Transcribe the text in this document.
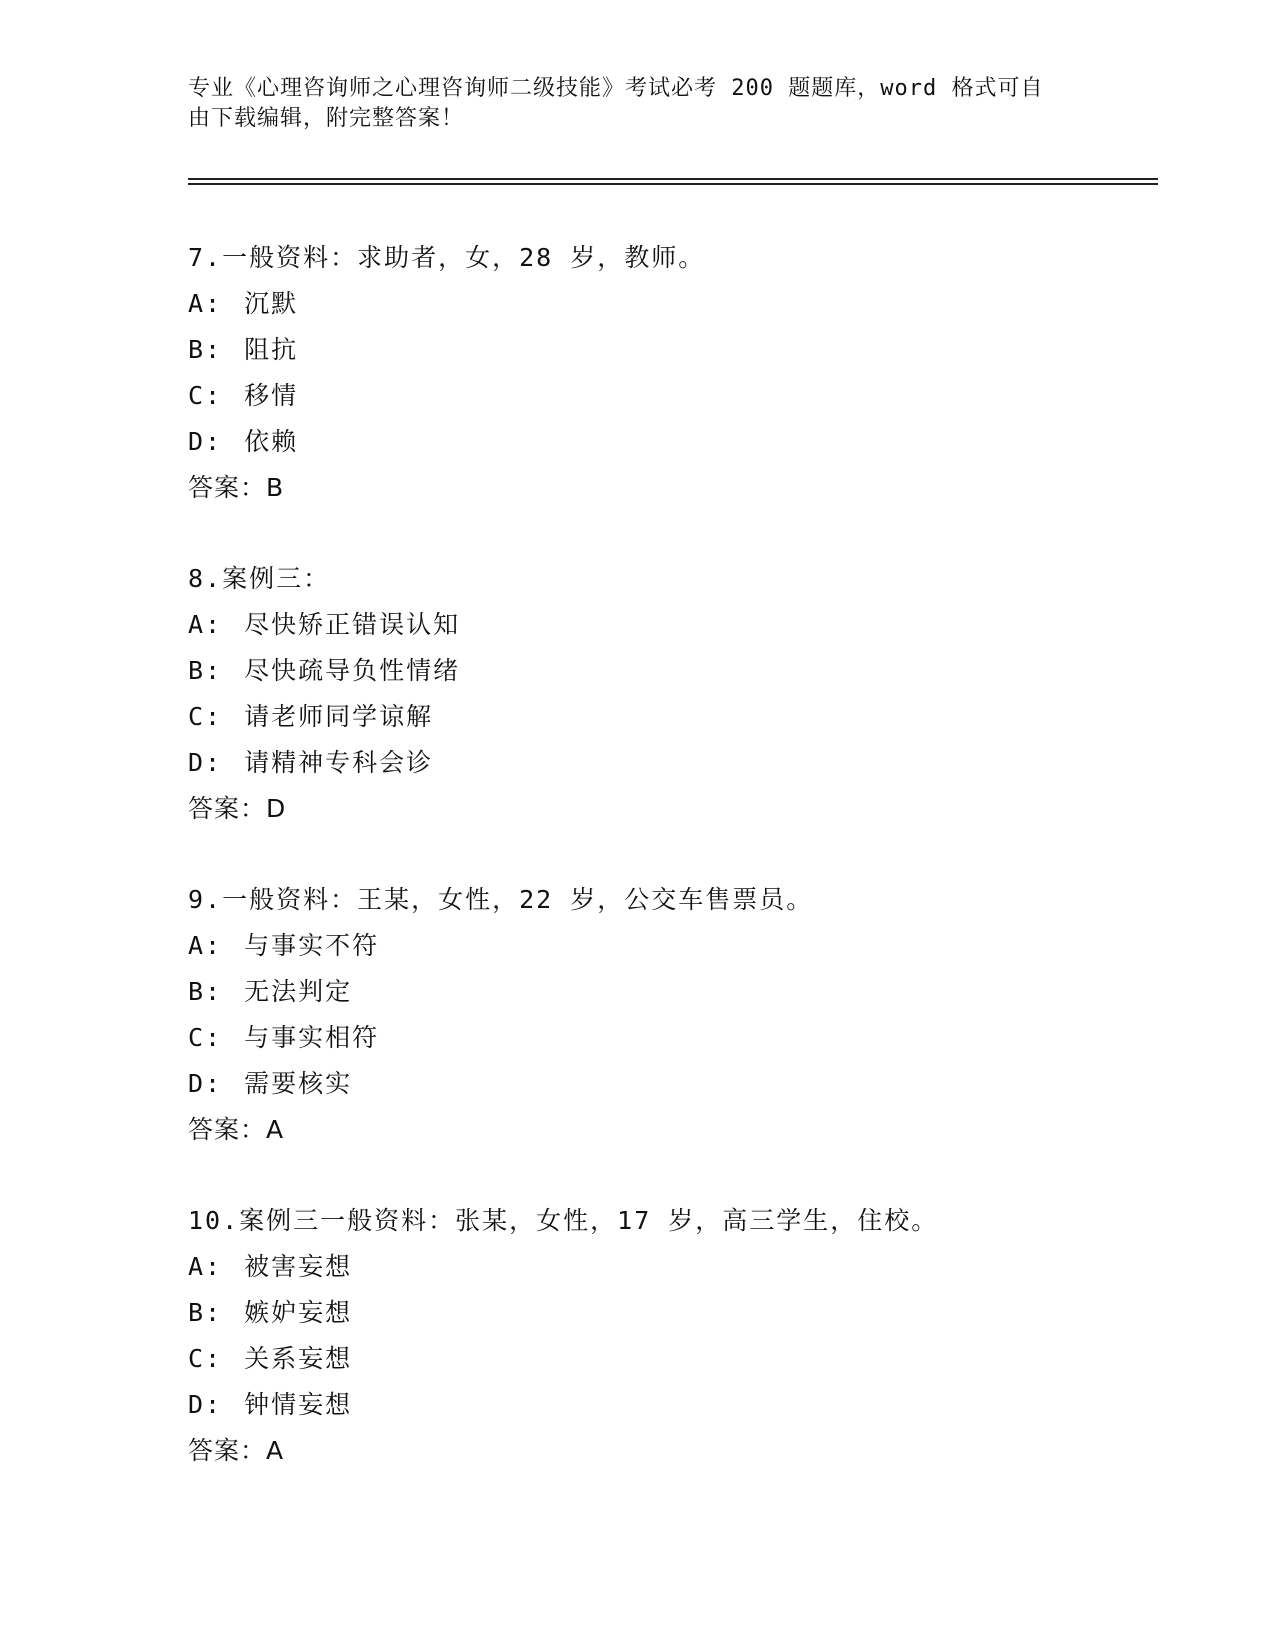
专业《心理咨询师之心理咨询师二级技能》考试必考 200 题题库，word 格式可自
由下载编辑，附完整答案！
7.一般资料：求助者，女，28 岁，教师。
A: 沉默
B: 阻抗
C: 移情
D: 依赖
答案：B
8.案例三：
A: 尽快矫正错误认知
B: 尽快疏导负性情绪
C: 请老师同学谅解
D: 请精神专科会诊
答案：D
9.一般资料：王某，女性，22 岁，公交车售票员。
A: 与事实不符
B: 无法判定
C: 与事实相符
D: 需要核实
答案：A
10.案例三一般资料：张某，女性，17 岁，高三学生，住校。
A: 被害妄想
B: 嫉妒妄想
C: 关系妄想
D: 钟情妄想
答案：A
